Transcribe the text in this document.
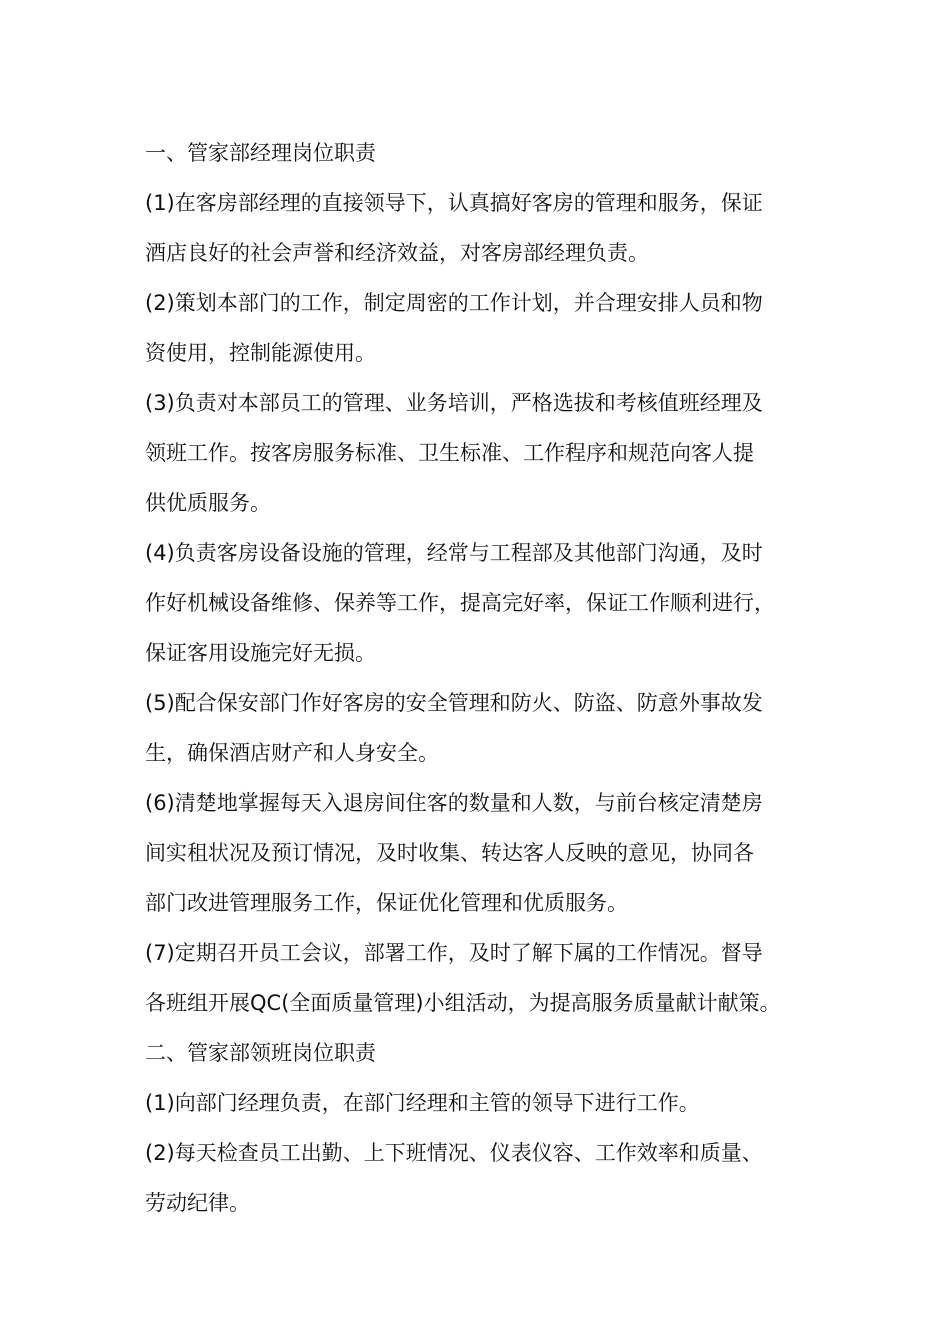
一、管家部经理岗位职责
(1)在客房部经理的直接领导下，认真搞好客房的管理和服务，保证
酒店良好的社会声誉和经济效益，对客房部经理负责。
(2)策划本部门的工作，制定周密的工作计划，并合理安排人员和物
资使用，控制能源使用。
(3)负责对本部员工的管理、业务培训，严格选拔和考核值班经理及
领班工作。按客房服务标准、卫生标准、工作程序和规范向客人提
供优质服务。
(4)负责客房设备设施的管理，经常与工程部及其他部门沟通，及时
作好机械设备维修、保养等工作，提高完好率，保证工作顺利进行，
保证客用设施完好无损。
(5)配合保安部门作好客房的安全管理和防火、防盗、防意外事故发
生，确保酒店财产和人身安全。
(6)清楚地掌握每天入退房间住客的数量和人数，与前台核定清楚房
间实租状况及预订情况，及时收集、转达客人反映的意见，协同各
部门改进管理服务工作，保证优化管理和优质服务。
(7)定期召开员工会议，部署工作，及时了解下属的工作情况。督导
各班组开展QC(全面质量管理)小组活动，为提高服务质量献计献策。
二、管家部领班岗位职责
(1)向部门经理负责，在部门经理和主管的领导下进行工作。
(2)每天检查员工出勤、上下班情况、仪表仪容、工作效率和质量、
劳动纪律。
